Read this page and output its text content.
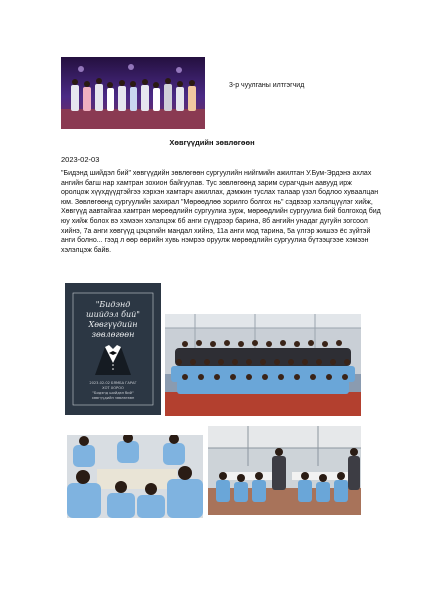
3-р чуулганы илтгэгчид
Хөвгүүдийн зөвлөгөөн
2023-02-03
"Бидэнд шийдэл бий" хөвгүүдийн зөвлөгөөн сургуулийн нийгмийн ажилтан У.Бум-Эрдэнэ ахлах ангийн багш нар хамтран зохион байгуулав. Тус зөвлөгөөнд зарим сурагчдын аавууд ирж оролцож хүүхдүүдтэйгээ хэрхэн хамтарч ажиллах, дэмжин туслах талаар үзэл бодлоо хуваалцан юм. Зөвлөгөөнд сургуулийн захирал "Мөрөөдлөө зорилго болгох нь" сэдвээр хэлэлцүүлэг хийж, Хөвгүүд аавтайгаа хамтран мөрөөдлийн сургуулиа зурж, мөрөөдлийн сургуулиа бий болгоход бид юу хийж болох вэ хэмээн хэлэлцэж 6б анги сүүдрээр барина, 8б ангийн унадаг дугуйн зогсоол хийнэ, 7а анги хөвгүүд цэцэгийн мандал хийнэ, 11а анги мод тарина, 5а үлгэр жишээ ёс зүйтэй анги болно... гээд л өөр өөрийн хувь нэмрээ оруулж мөрөөдлийн сургуулиа бүтээцгээе хэмээн хэлэлцэж байв.
"Бидэнд
шийдэл бий"
Хөвгүүдийн
зөвлөгөөн
2023.02.02 БЯМБА ГАРАГ
ХОТ ХОРОО
"Бидэнд шийдэл бий"
хөвгүүдийн зөвлөгөөн
